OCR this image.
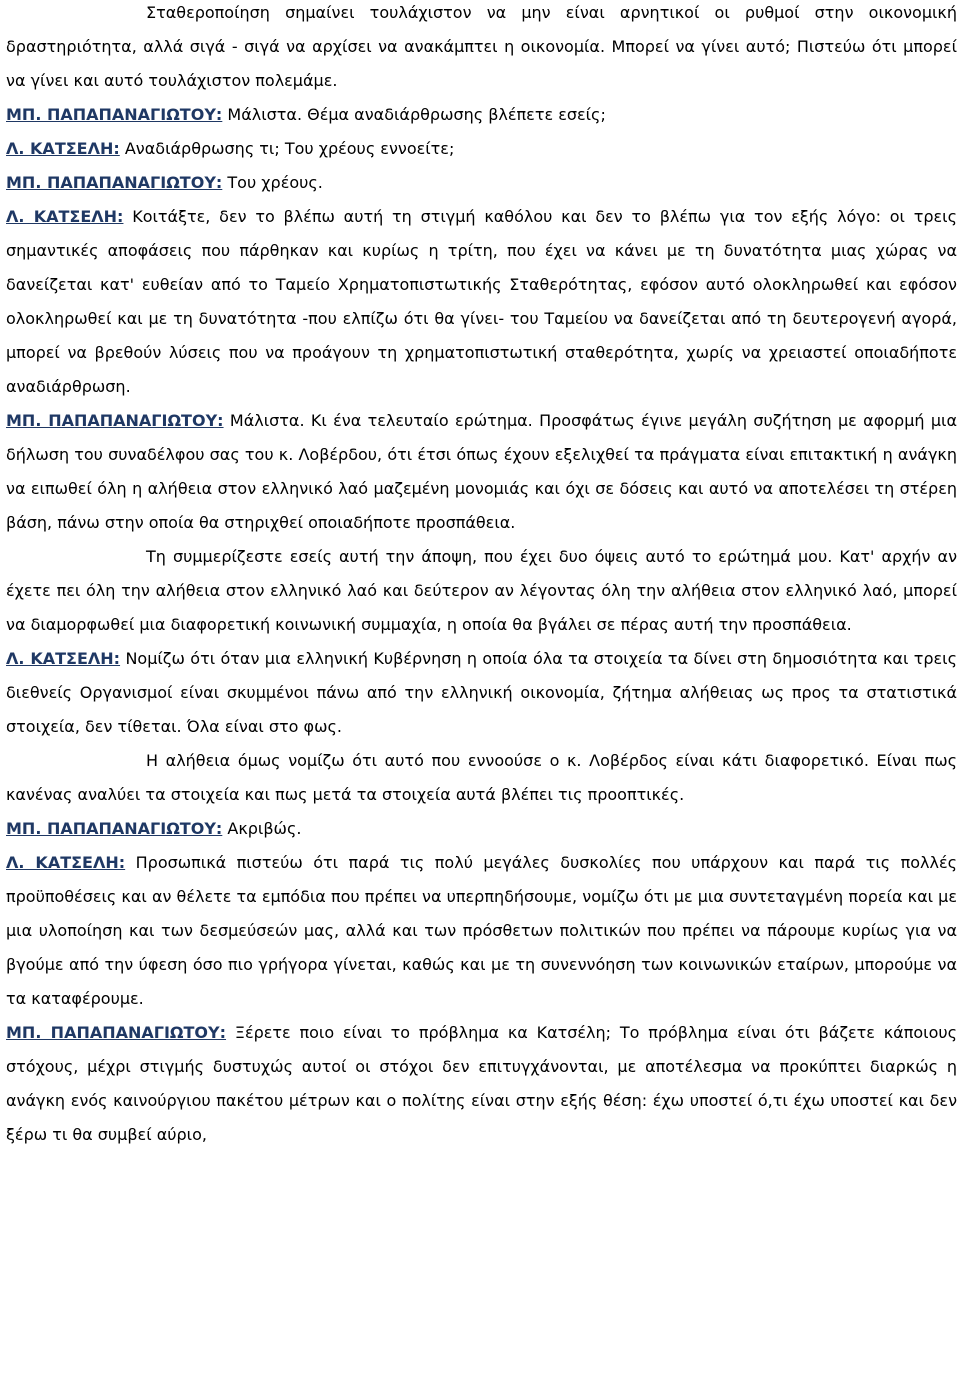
Σταθεροποίηση σημαίνει τουλάχιστον να μην είναι αρνητικοί οι ρυθμοί στην οικονομική δραστηριότητα, αλλά σιγά - σιγά να αρχίσει να ανακάμπτει η οικονομία. Μπορεί να γίνει αυτό; Πιστεύω ότι μπορεί να γίνει και αυτό τουλάχιστον πολεμάμε.

ΜΠ. ΠΑΠΑΠΑΝΑΓΙΩΤΟΥ: Μάλιστα. Θέμα αναδιάρθρωσης βλέπετε εσείς;

Λ. ΚΑΤΣΕΛΗ: Αναδιάρθρωσης τι; Του χρέους εννοείτε;

ΜΠ. ΠΑΠΑΠΑΝΑΓΙΩΤΟΥ: Του χρέους.

Λ. ΚΑΤΣΕΛΗ: Κοιτάξτε, δεν το βλέπω αυτή τη στιγμή καθόλου και δεν το βλέπω για τον εξής λόγο: οι τρεις σημαντικές αποφάσεις που πάρθηκαν και κυρίως η τρίτη, που έχει να κάνει με τη δυνατότητα μιας χώρας να δανείζεται κατ' ευθείαν από το Ταμείο Χρηματοπιστωτικής Σταθερότητας, εφόσον αυτό ολοκληρωθεί και εφόσον ολοκληρωθεί και με τη δυνατότητα -που ελπίζω ότι θα γίνει- του Ταμείου να δανείζεται από τη δευτερογενή αγορά, μπορεί να βρεθούν λύσεις που να προάγουν τη χρηματοπιστωτική σταθερότητα, χωρίς να χρειαστεί οποιαδήποτε αναδιάρθρωση.

ΜΠ. ΠΑΠΑΠΑΝΑΓΙΩΤΟΥ: Μάλιστα. Κι ένα τελευταίο ερώτημα. Προσφάτως έγινε μεγάλη συζήτηση με αφορμή μια δήλωση του συναδέλφου σας του κ. Λοβέρδου, ότι έτσι όπως έχουν εξελιχθεί τα πράγματα είναι επιτακτική η ανάγκη να ειπωθεί όλη η αλήθεια στον ελληνικό λαό μαζεμένη μονομιάς και όχι σε δόσεις και αυτό να αποτελέσει τη στέρεη βάση, πάνω στην οποία θα στηριχθεί οποιαδήποτε προσπάθεια.

Τη συμμερίζεστε εσείς αυτή την άποψη, που έχει δυο όψεις αυτό το ερώτημά μου. Κατ' αρχήν αν έχετε πει όλη την αλήθεια στον ελληνικό λαό και δεύτερον αν λέγοντας όλη την αλήθεια στον ελληνικό λαό, μπορεί να διαμορφωθεί μια διαφορετική κοινωνική συμμαχία, η οποία θα βγάλει σε πέρας αυτή την προσπάθεια.

Λ. ΚΑΤΣΕΛΗ: Νομίζω ότι όταν μια ελληνική Κυβέρνηση η οποία όλα τα στοιχεία τα δίνει στη δημοσιότητα και τρεις διεθνείς Οργανισμοί είναι σκυμμένοι πάνω από την ελληνική οικονομία, ζήτημα αλήθειας ως προς τα στατιστικά στοιχεία, δεν τίθεται. Όλα είναι στο φως.

Η αλήθεια όμως νομίζω ότι αυτό που εννοούσε ο κ. Λοβέρδος είναι κάτι διαφορετικό. Είναι πως κανένας αναλύει τα στοιχεία και πως μετά τα στοιχεία αυτά βλέπει τις προοπτικές.

ΜΠ. ΠΑΠΑΠΑΝΑΓΙΩΤΟΥ: Ακριβώς.

Λ. ΚΑΤΣΕΛΗ: Προσωπικά πιστεύω ότι παρά τις πολύ μεγάλες δυσκολίες που υπάρχουν και παρά τις πολλές προϋποθέσεις και αν θέλετε τα εμπόδια που πρέπει να υπερπηδήσουμε, νομίζω ότι με μια συντεταγμένη πορεία και με μια υλοποίηση και των δεσμεύσεών μας, αλλά και των πρόσθετων πολιτικών που πρέπει να πάρουμε κυρίως για να βγούμε από την ύφεση όσο πιο γρήγορα γίνεται, καθώς και με τη συνεννόηση των κοινωνικών εταίρων, μπορούμε να τα καταφέρουμε.

ΜΠ. ΠΑΠΑΠΑΝΑΓΙΩΤΟΥ: Ξέρετε ποιο είναι το πρόβλημα κα Κατσέλη; Το πρόβλημα είναι ότι βάζετε κάποιους στόχους, μέχρι στιγμής δυστυχώς αυτοί οι στόχοι δεν επιτυγχάνονται, με αποτέλεσμα να προκύπτει διαρκώς η ανάγκη ενός καινούργιου πακέτου μέτρων και ο πολίτης είναι στην εξής θέση: έχω υποστεί ό,τι έχω υποστεί και δεν ξέρω τι θα συμβεί αύριο,
